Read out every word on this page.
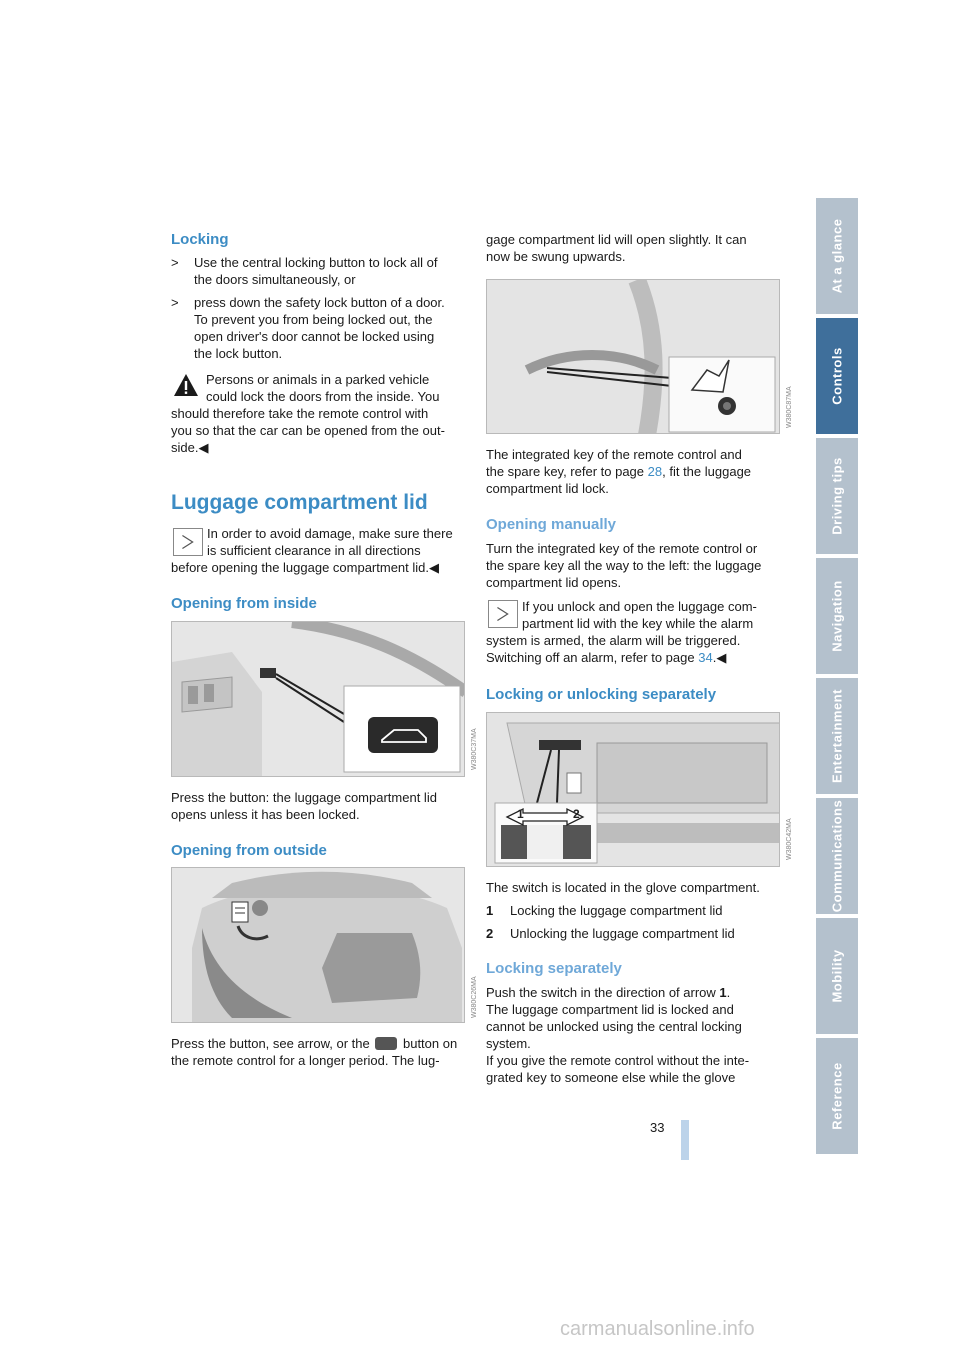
Locking
> Use the central locking button to lock all of
the doors simultaneously, or
> press down the safety lock button of a door.
To prevent you from being locked out, the
open driver's door cannot be locked using
the lock button.
Persons or animals in a parked vehicle
could lock the doors from the inside. You
should therefore take the remote control with
you so that the car can be opened from the out-
side.◀
Luggage compartment lid
In order to avoid damage, make sure there
is sufficient clearance in all directions
before opening the luggage compartment lid.◀
Opening from inside
W380C37MA
Press the button: the luggage compartment lid
opens unless it has been locked.
Opening from outside
W380C26MA
Press the button, see arrow, or the	button on
the remote control for a longer period. The lug-
gage compartment lid will open slightly. It can
now be swung upwards.
W380C87MA
The integrated key of the remote control and
the spare key, refer to page 28, fit the luggage
compartment lid lock.
Opening manually
Turn the integrated key of the remote control or
the spare key all the way to the left: the luggage
compartment lid opens.
If you unlock and open the luggage com-
partment lid with the key while the alarm
system is armed, the alarm will be triggered.
Switching off an alarm, refer to page 34.◀
Locking or unlocking separately
1	2
W380C42MA
The switch is located in the glove compartment.
1 Locking the luggage compartment lid
2 Unlocking the luggage compartment lid
Locking separately
Push the switch in the direction of arrow 1.
The luggage compartment lid is locked and
cannot be unlocked using the central locking
system.
If you give the remote control without the inte-
grated key to someone else while the glove
At a glance
Controls
Driving tips
Navigation
Entertainment
Communications
Mobility
Reference
33
carmanualsonline.info
